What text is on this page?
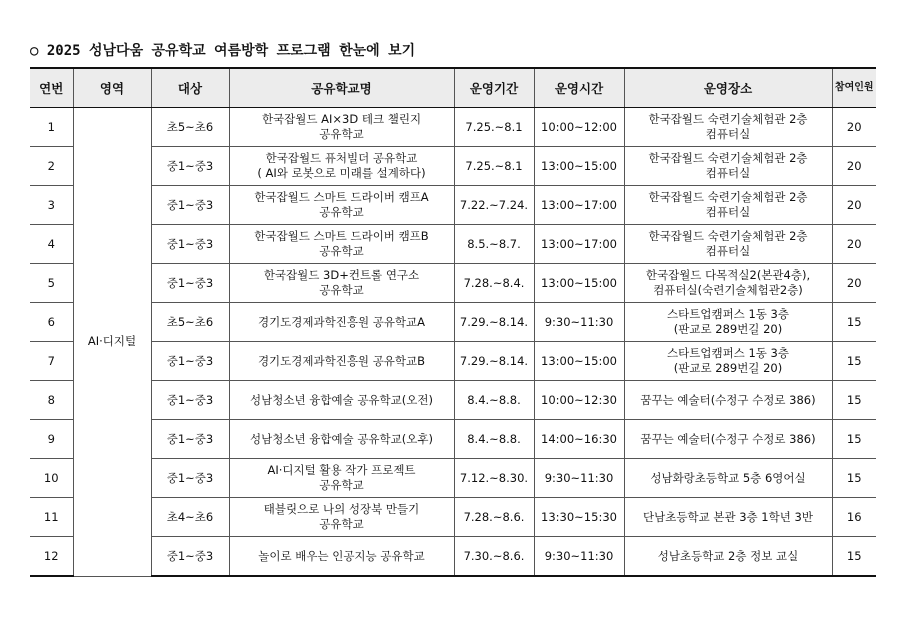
○ 2025 성남다움 공유학교 여름방학 프로그램 한눈에 보기
연번	영역	대상	공유학교명	운영기간	운영시간	운영장소	참여인원
1	AI·디지털	초5~초6	한국잡월드 AI×3D 테크 챌린지
공유학교	7.25.~8.1	10:00~12:00	한국잡월드 숙련기술체험관 2층
컴퓨터실	20
2		중1~중3	한국잡월드 퓨처빌더 공유학교
( AI와 로봇으로 미래를 설계하다)	7.25.~8.1	13:00~15:00	한국잡월드 숙련기술체험관 2층
컴퓨터실	20
3		중1~중3	한국잡월드 스마트 드라이버 캠프A
공유학교	7.22.~7.24.	13:00~17:00	한국잡월드 숙련기술체험관 2층
컴퓨터실	20
4		중1~중3	한국잡월드 스마트 드라이버 캠프B
공유학교	8.5.~8.7.	13:00~17:00	한국잡월드 숙련기술체험관 2층
컴퓨터실	20
5		중1~중3	한국잡월드 3D+컨트롤 연구소
공유학교	7.28.~8.4.	13:00~15:00	한국잡월드 다목적실2(본관4층),
컴퓨터실(숙련기술체험관2층)	20
6		초5~초6	경기도경제과학진흥원 공유학교A	7.29.~8.14.	9:30~11:30	스타트업캠퍼스 1동 3층
(판교로 289번길 20)	15
7		중1~중3	경기도경제과학진흥원 공유학교B	7.29.~8.14.	13:00~15:00	스타트업캠퍼스 1동 3층
(판교로 289번길 20)	15
8		중1~중3	성남청소년 융합예술 공유학교(오전)	8.4.~8.8.	10:00~12:30	꿈꾸는 예술터(수정구 수정로 386)	15
9		중1~중3	성남청소년 융합예술 공유학교(오후)	8.4.~8.8.	14:00~16:30	꿈꾸는 예술터(수정구 수정로 386)	15
10		중1~중3	AI·디지털 활용 작가 프로젝트
공유학교	7.12.~8.30.	9:30~11:30	성남화랑초등학교 5층 6영어실	15
11		초4~초6	태블릿으로 나의 성장북 만들기
공유학교	7.28.~8.6.	13:30~15:30	단남초등학교 본관 3층 1학년 3반	16
12		중1~중3	놀이로 배우는 인공지능 공유학교	7.30.~8.6.	9:30~11:30	성남초등학교 2층 정보 교실	15
